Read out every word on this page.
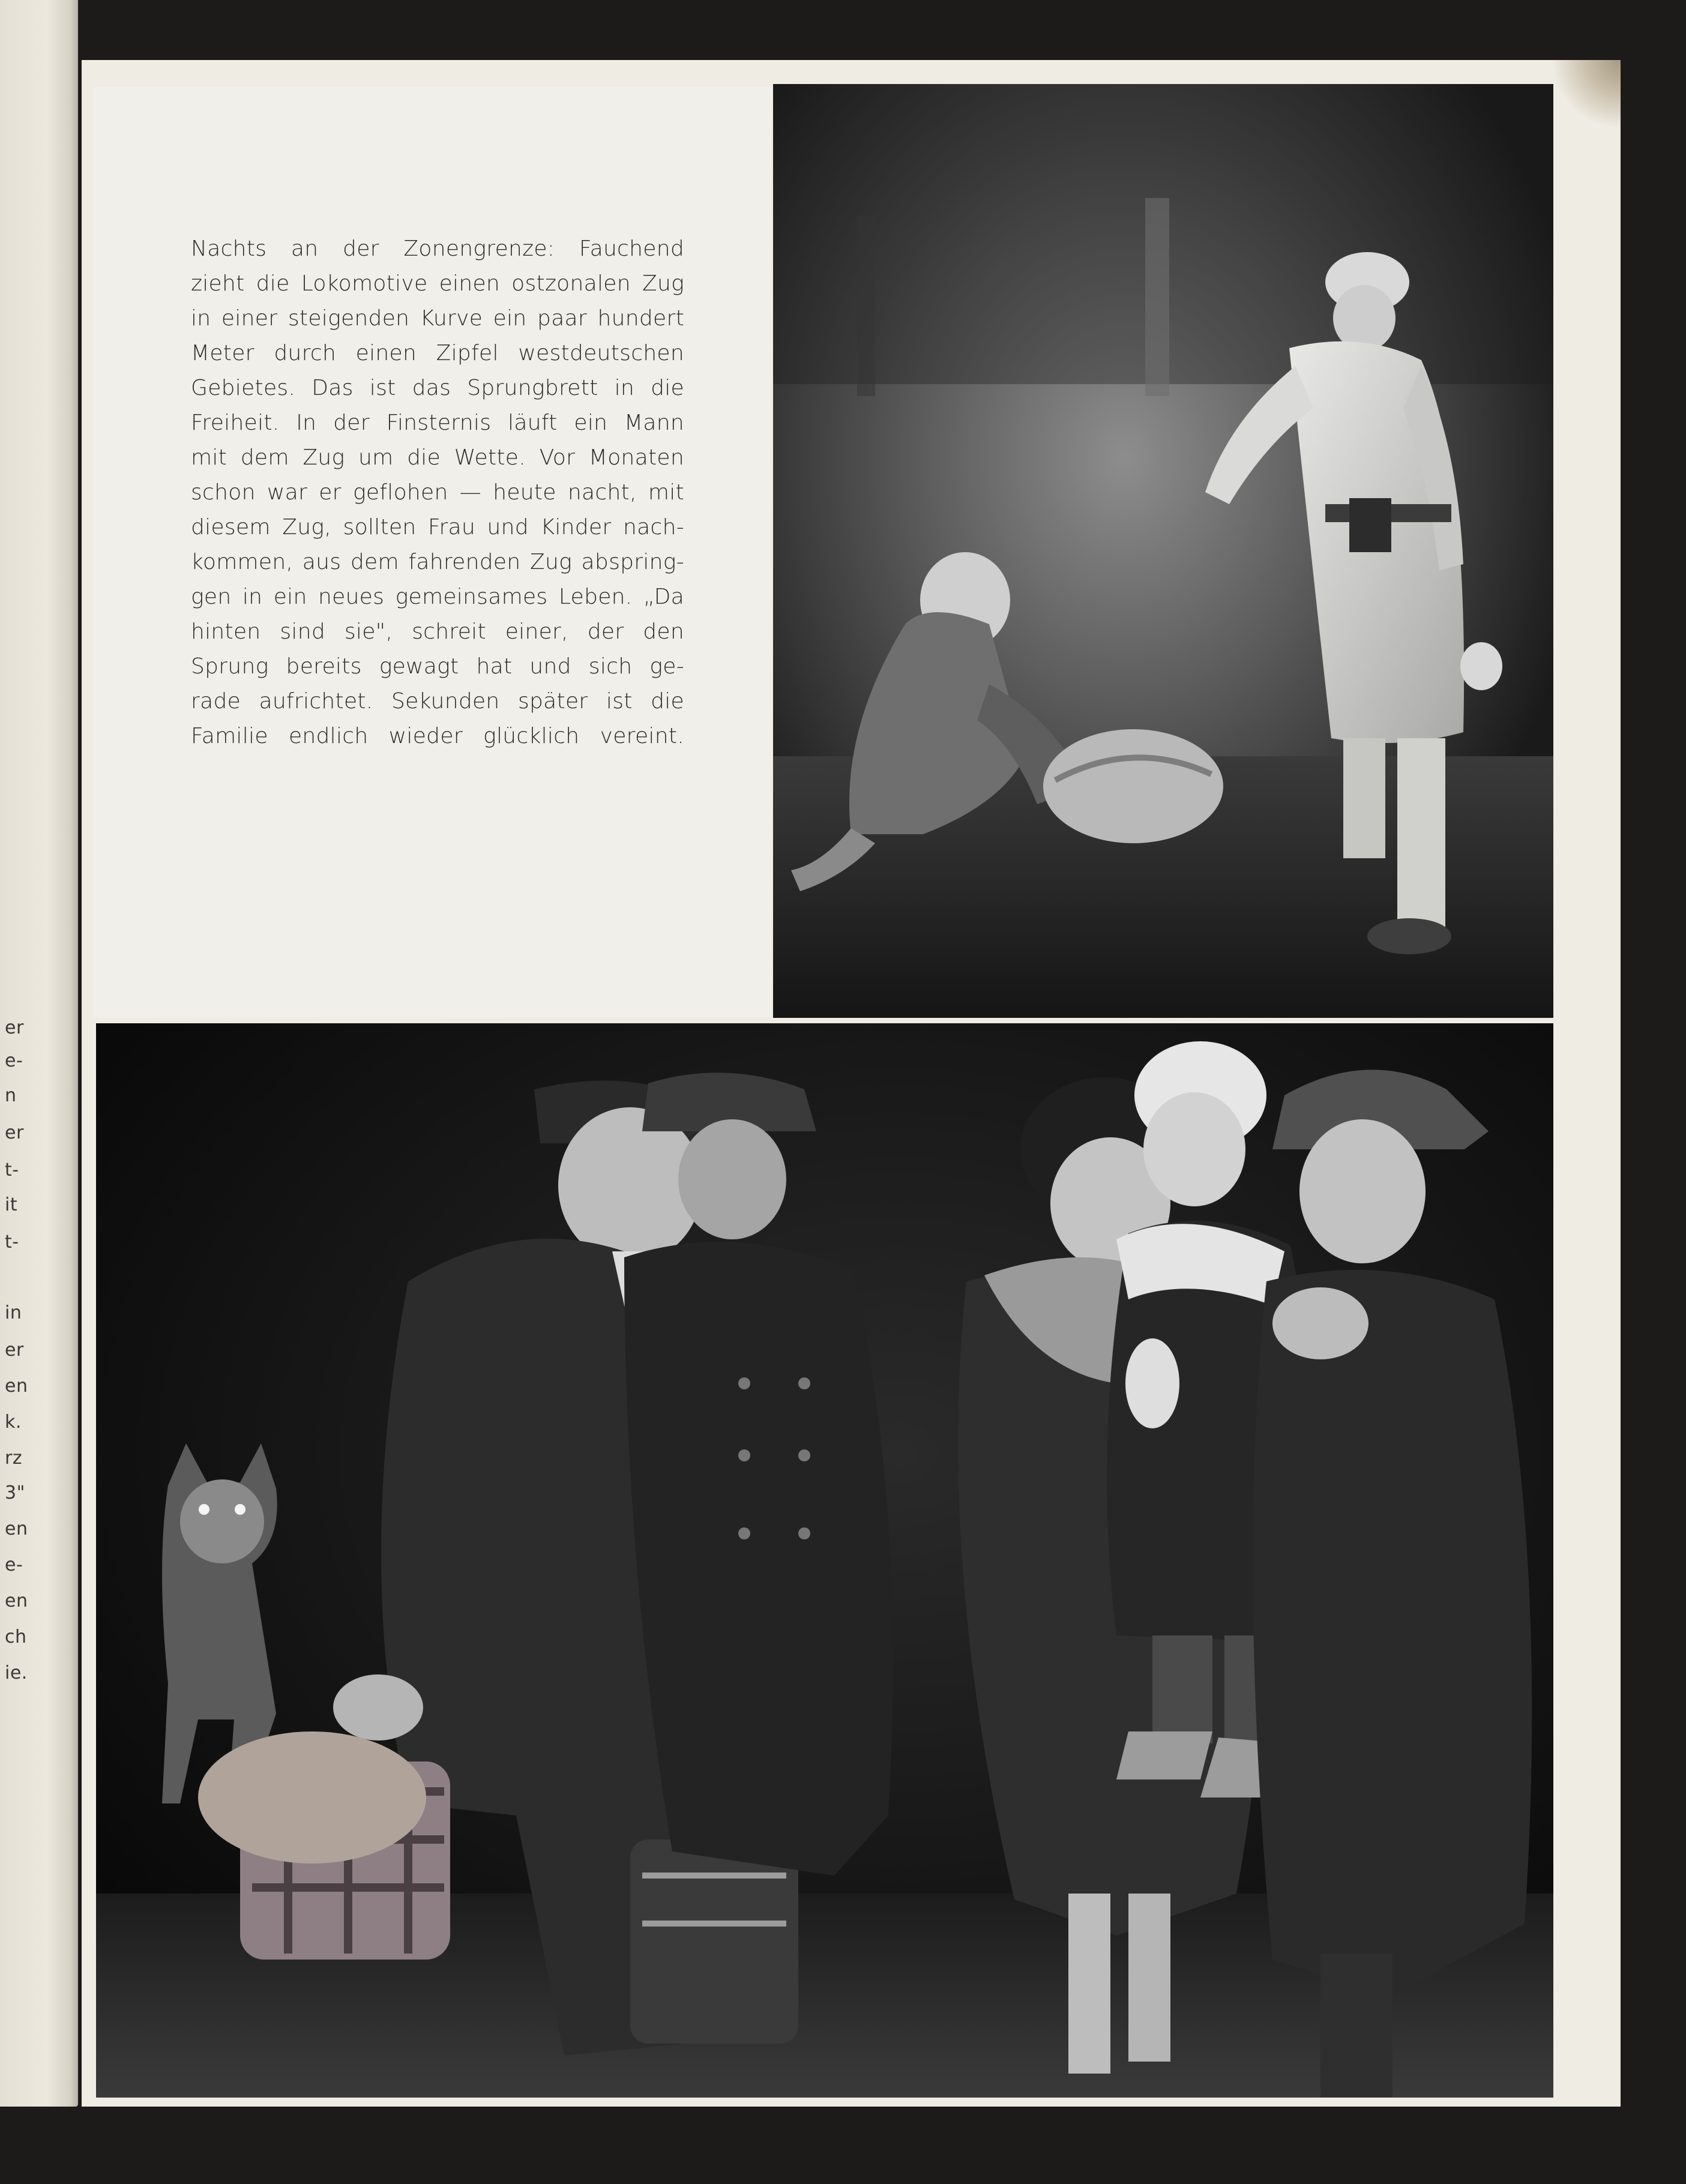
er
e-
n
er
t-
it
t-
in
er
en
k.
rz
3"
en
e-
en
ch
ie.
Nachts an der Zonengrenze: Fauchend
zieht die Lokomotive einen ostzonalen Zug
in einer steigenden Kurve ein paar hundert
Meter durch einen Zipfel westdeutschen
Gebietes. Das ist das Sprungbrett in die
Freiheit. In der Finsternis läuft ein Mann
mit dem Zug um die Wette. Vor Monaten
schon war er geflohen — heute nacht, mit
diesem Zug, sollten Frau und Kinder nach-
kommen, aus dem fahrenden Zug abspring-
gen in ein neues gemeinsames Leben. „Da
hinten sind sie", schreit einer, der den
Sprung bereits gewagt hat und sich ge-
rade aufrichtet. Sekunden später ist die
Familie endlich wieder glücklich vereint.
